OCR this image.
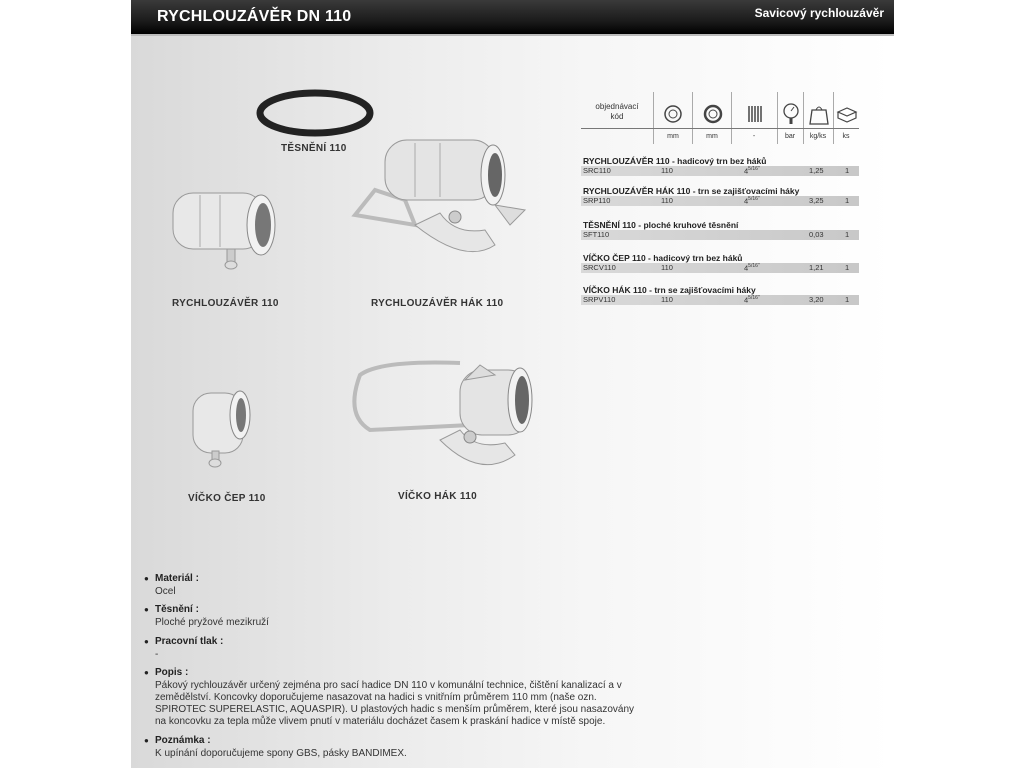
RYCHLOUZÁVĚR DN 110	Savicový rychlouzávěr
TĚSNĚNÍ 110
RYCHLOUZÁVĚR 110	RYCHLOUZÁVĚR HÁK 110
VÍČKO ČEP 110	VÍČKO HÁK 110
objednávací
kód
mm	mm	-	bar	kg/ks	ks
RYCHLOUZÁVĚR 110 - hadicový trn bez háků
SRC110	110	$4^{5/16"}$	1,25	1
RYCHLOUZÁVĚR HÁK 110 - trn se zajišťovacími háky
SRP110	110	$4^{5/16"}$	3,25	1
TĚSNĚNÍ 110 - ploché kruhové těsnění
SFT110	0,03	1
VÍČKO ČEP 110 - hadicový trn bez háků
SRCV110	110	$4^{5/16"}$	1,21	1
VÍČKO HÁK 110 - trn se zajišťovacími háky
SRPV110	110	$4^{5/16"}$	3,20	1
● Materiál :
Ocel
● Těsnění :
Ploché pryžové mezikruží
● Pracovní tlak :
-
● Popis :
Pákový rychlouzávěr určený zejména pro sací hadice DN 110 v komunální technice, čištění kanalizací a v
zemědělství. Koncovky doporučujeme nasazovat na hadici s vnitřním průměrem 110 mm (naše ozn.
SPIROTEC SUPERELASTIC, AQUASPIR). U plastových hadic s menším průměrem, které jsou nasazovány
na koncovku za tepla může vlivem pnutí v materiálu docházet časem k praskání hadice v místě spoje.
● Poznámka :
K upínání doporučujeme spony GBS, pásky BANDIMEX.
